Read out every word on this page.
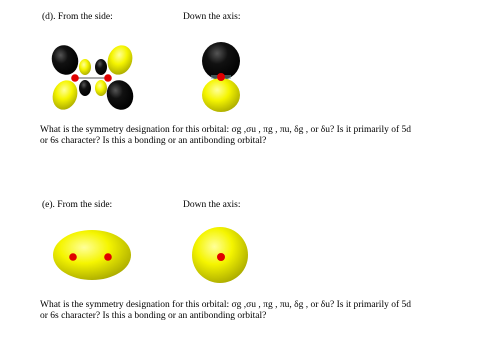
(d). From the side:	Down the axis:
What is the symmetry designation for this orbital: σg ,σu , πg , πu, δg , or δu? Is it primarily of 5d
or 6s character? Is this a bonding or an antibonding orbital?
(e). From the side:	Down the axis:
What is the symmetry designation for this orbital: σg ,σu , πg , πu, δg , or δu? Is it primarily of 5d
or 6s character? Is this a bonding or an antibonding orbital?
